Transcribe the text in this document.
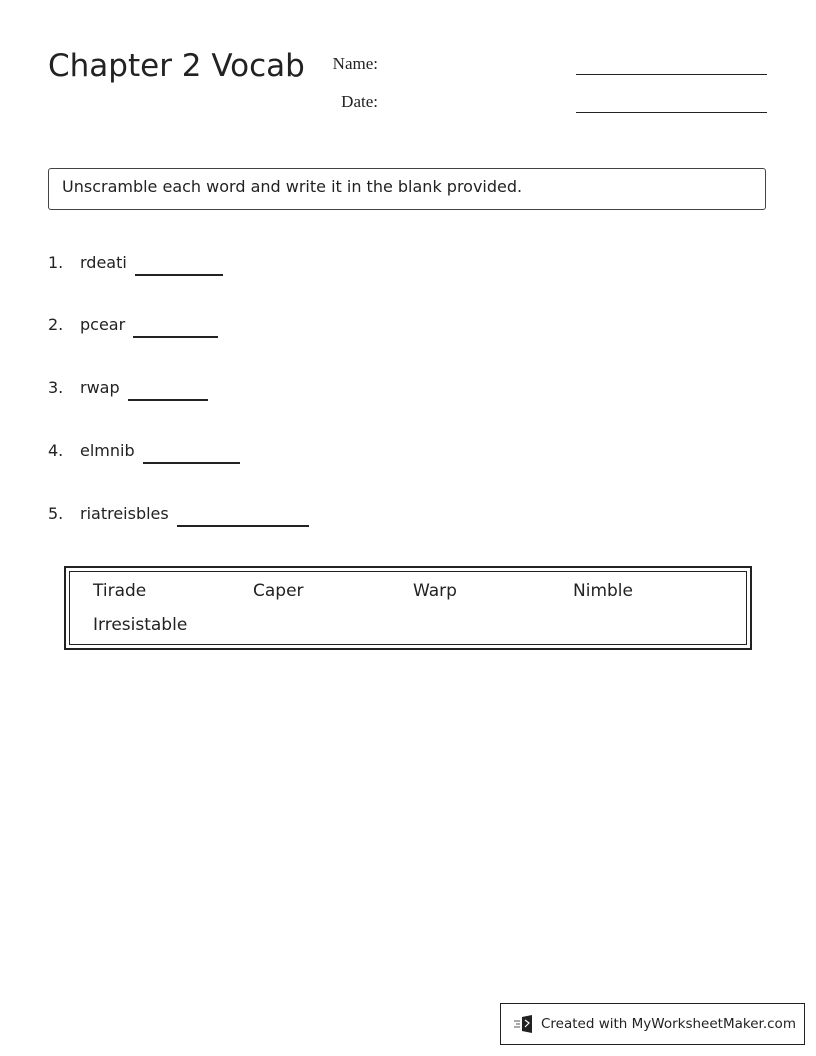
Chapter 2 Vocab Name:
Date:
Unscramble each word and write it in the blank provided.
1.	rdeati
2.	pcear
3.	rwap
4.	elmnib
5.	riatreisbles
Tirade	Caper	Warp	Nimble
Irresistable
Created with MyWorksheetMaker.com
